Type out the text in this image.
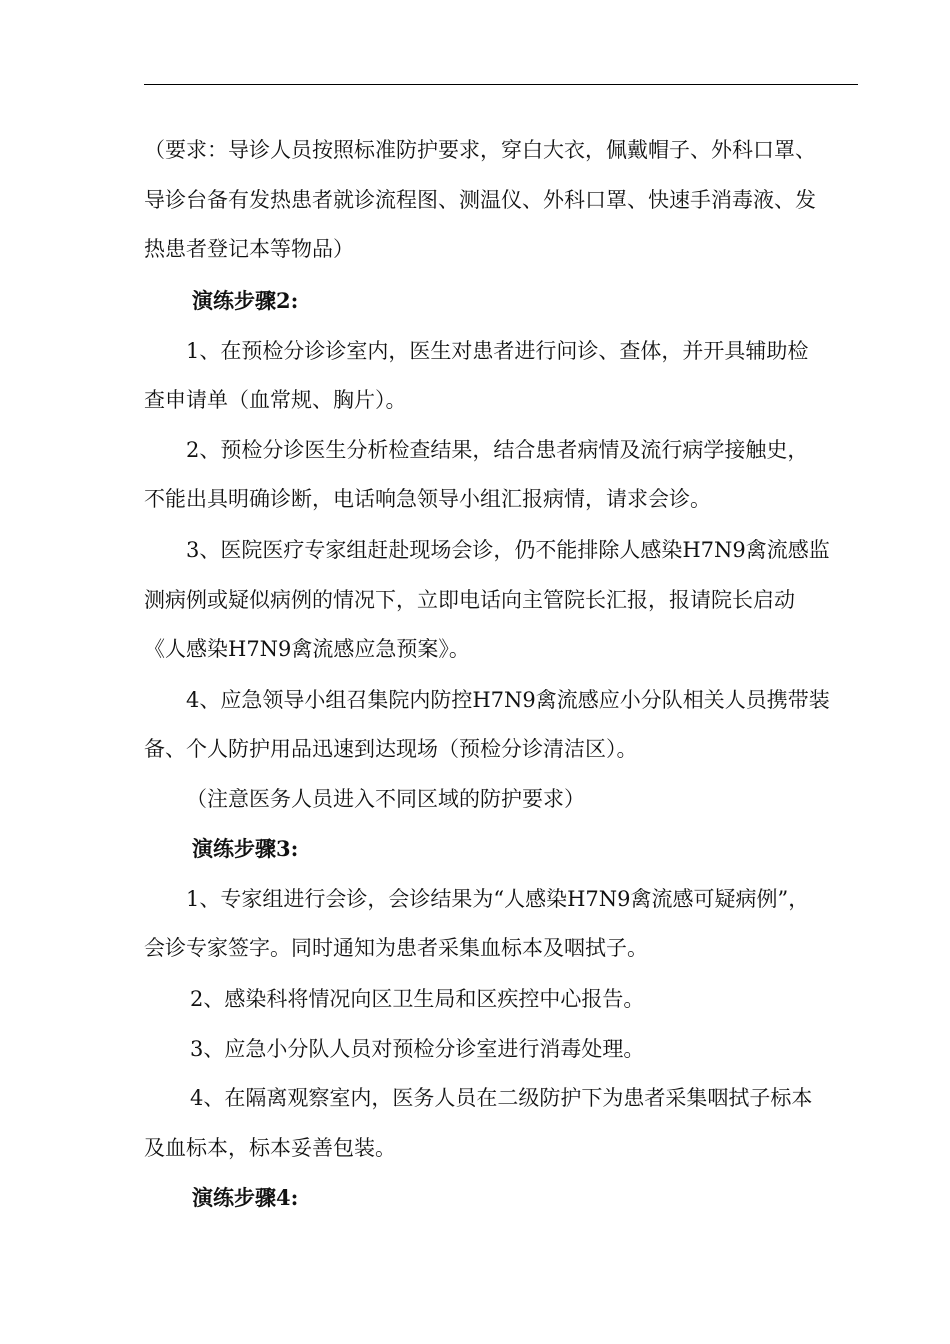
（要求：导诊人员按照标准防护要求，穿白大衣，佩戴帽子、外科口罩、
导诊台备有发热患者就诊流程图、测温仪、外科口罩、快速手消毒液、发
热患者登记本等物品）
演练步骤2:
1、在预检分诊诊室内，医生对患者进行问诊、查体，并开具辅助检
查申请单（血常规、胸片）。
2、预检分诊医生分析检查结果，结合患者病情及流行病学接触史，
不能出具明确诊断，电话响急领导小组汇报病情，请求会诊。
3、医院医疗专家组赶赴现场会诊，仍不能排除人感染H7N9禽流感监
测病例或疑似病例的情况下，立即电话向主管院长汇报，报请院长启动
《人感染H7N9禽流感应急预案》。
4、应急领导小组召集院内防控H7N9禽流感应小分队相关人员携带装
备、个人防护用品迅速到达现场（预检分诊清洁区）。
（注意医务人员进入不同区域的防护要求）
演练步骤3:
1、专家组进行会诊，会诊结果为“人感染H7N9禽流感可疑病例”，
会诊专家签字。同时通知为患者采集血标本及咽拭子。
2、感染科将情况向区卫生局和区疾控中心报告。
3、应急小分队人员对预检分诊室进行消毒处理。
4、在隔离观察室内，医务人员在二级防护下为患者采集咽拭子标本
及血标本，标本妥善包装。
演练步骤4:
